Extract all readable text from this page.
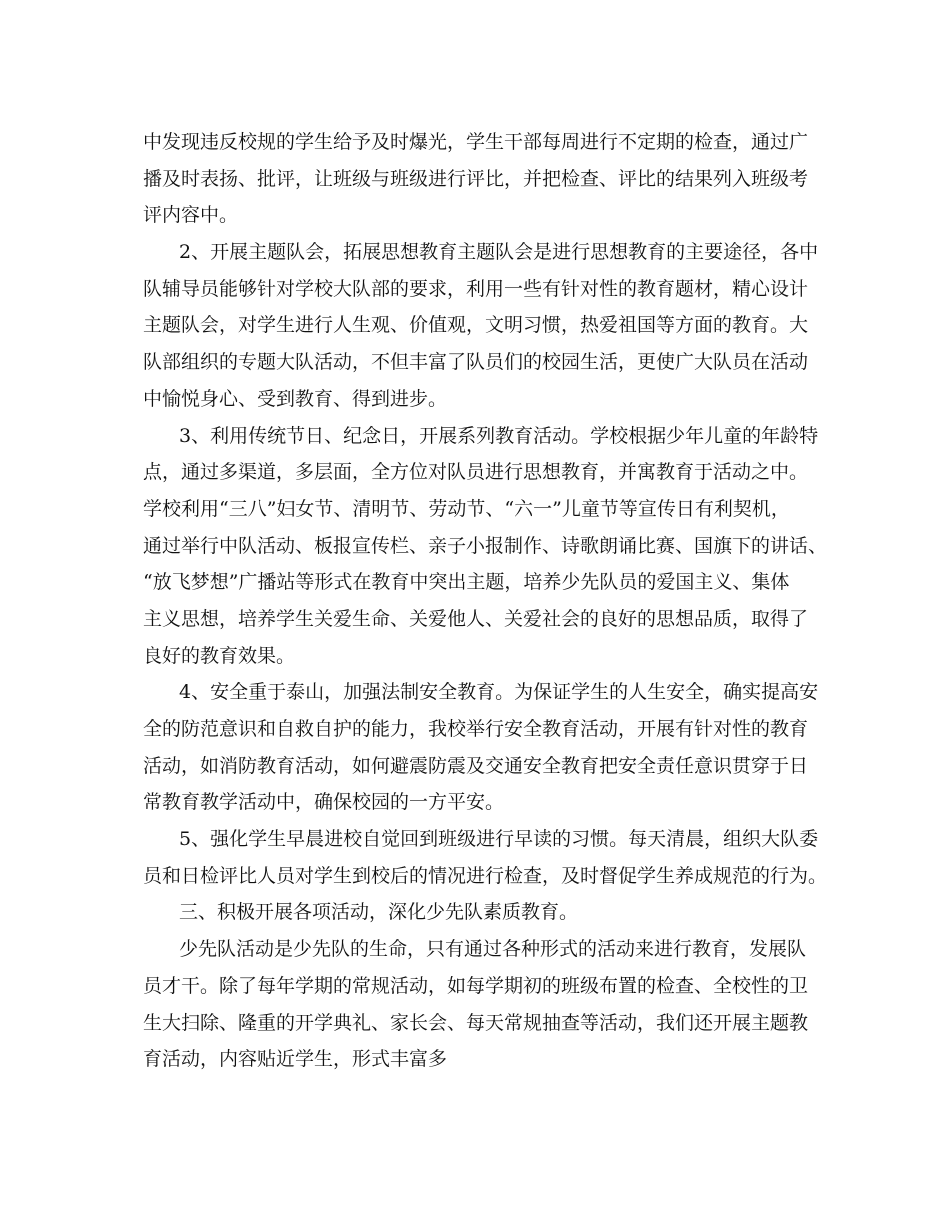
中发现违反校规的学生给予及时爆光，学生干部每周进行不定期的检查，通过广
播及时表扬、批评，让班级与班级进行评比，并把检查、评比的结果列入班级考
评内容中。
2、开展主题队会，拓展思想教育主题队会是进行思想教育的主要途径，各中
队辅导员能够针对学校大队部的要求，利用一些有针对性的教育题材，精心设计
主题队会，对学生进行人生观、价值观，文明习惯，热爱祖国等方面的教育。大
队部组织的专题大队活动，不但丰富了队员们的校园生活，更使广大队员在活动
中愉悦身心、受到教育、得到进步。
3、利用传统节日、纪念日，开展系列教育活动。学校根据少年儿童的年龄特
点，通过多渠道，多层面，全方位对队员进行思想教育，并寓教育于活动之中。
学校利用“三八”妇女节、清明节、劳动节、“六一”儿童节等宣传日有利契机，
通过举行中队活动、板报宣传栏、亲子小报制作、诗歌朗诵比赛、国旗下的讲话、
“放飞梦想”广播站等形式在教育中突出主题，培养少先队员的爱国主义、集体
主义思想，培养学生关爱生命、关爱他人、关爱社会的良好的思想品质，取得了
良好的教育效果。
4、安全重于泰山，加强法制安全教育。为保证学生的人生安全，确实提高安
全的防范意识和自救自护的能力，我校举行安全教育活动，开展有针对性的教育
活动，如消防教育活动，如何避震防震及交通安全教育把安全责任意识贯穿于日
常教育教学活动中，确保校园的一方平安。
5、强化学生早晨进校自觉回到班级进行早读的习惯。每天清晨，组织大队委
员和日检评比人员对学生到校后的情况进行检查，及时督促学生养成规范的行为。
三、积极开展各项活动，深化少先队素质教育。
少先队活动是少先队的生命，只有通过各种形式的活动来进行教育，发展队
员才干。除了每年学期的常规活动，如每学期初的班级布置的检查、全校性的卫
生大扫除、隆重的开学典礼、家长会、每天常规抽查等活动，我们还开展主题教
育活动，内容贴近学生，形式丰富多
